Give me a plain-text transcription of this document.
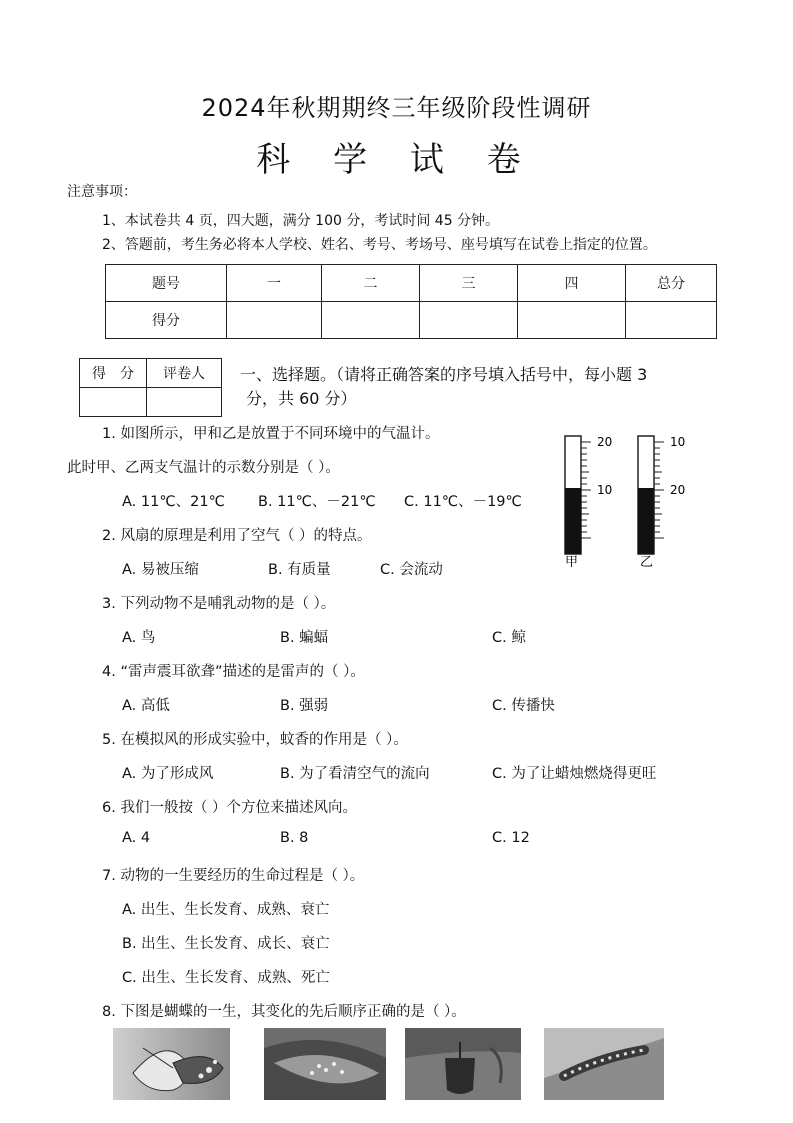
2024年秋期期终三年级阶段性调研
科 学 试 卷
注意事项：
1、本试卷共 4 页，四大题，满分 100 分，考试时间 45 分钟。
2、答题前，考生务必将本人学校、姓名、考号、考场号、座号填写在试卷上指定的位置。
题号	一	二	三	四	总分
得分					
得　分	评卷人
	一、选择题。（请将正确答案的序号填入括号中，每小题 3
分，共 60 分）
1. 如图所示，甲和乙是放置于不同环境中的气温计。
此时甲、乙两支气温计的示数分别是（ ）。
A. 11℃、21℃ B. 11℃、－21℃ C. 11℃、－19℃
20
10
甲
10
20
乙
2. 风扇的原理是利用了空气（ ）的特点。
A. 易被压缩	B. 有质量	C. 会流动
3. 下列动物不是哺乳动物的是（ ）。
A. 鸟	B. 蝙蝠	C. 鲸
4. “雷声震耳欲聋”描述的是雷声的（ ）。
A. 高低	B. 强弱	C. 传播快
5. 在模拟风的形成实验中，蚊香的作用是（ ）。
A. 为了形成风	B. 为了看清空气的流向	C. 为了让蜡烛燃烧得更旺
6. 我们一般按（ ）个方位来描述风向。
A. 4	B. 8	C. 12
7. 动物的一生要经历的生命过程是（ ）。
A. 出生、生长发育、成熟、衰亡
B. 出生、生长发育、成长、衰亡
C. 出生、生长发育、成熟、死亡
8. 下图是蝴蝶的一生，其变化的先后顺序正确的是（ ）。
